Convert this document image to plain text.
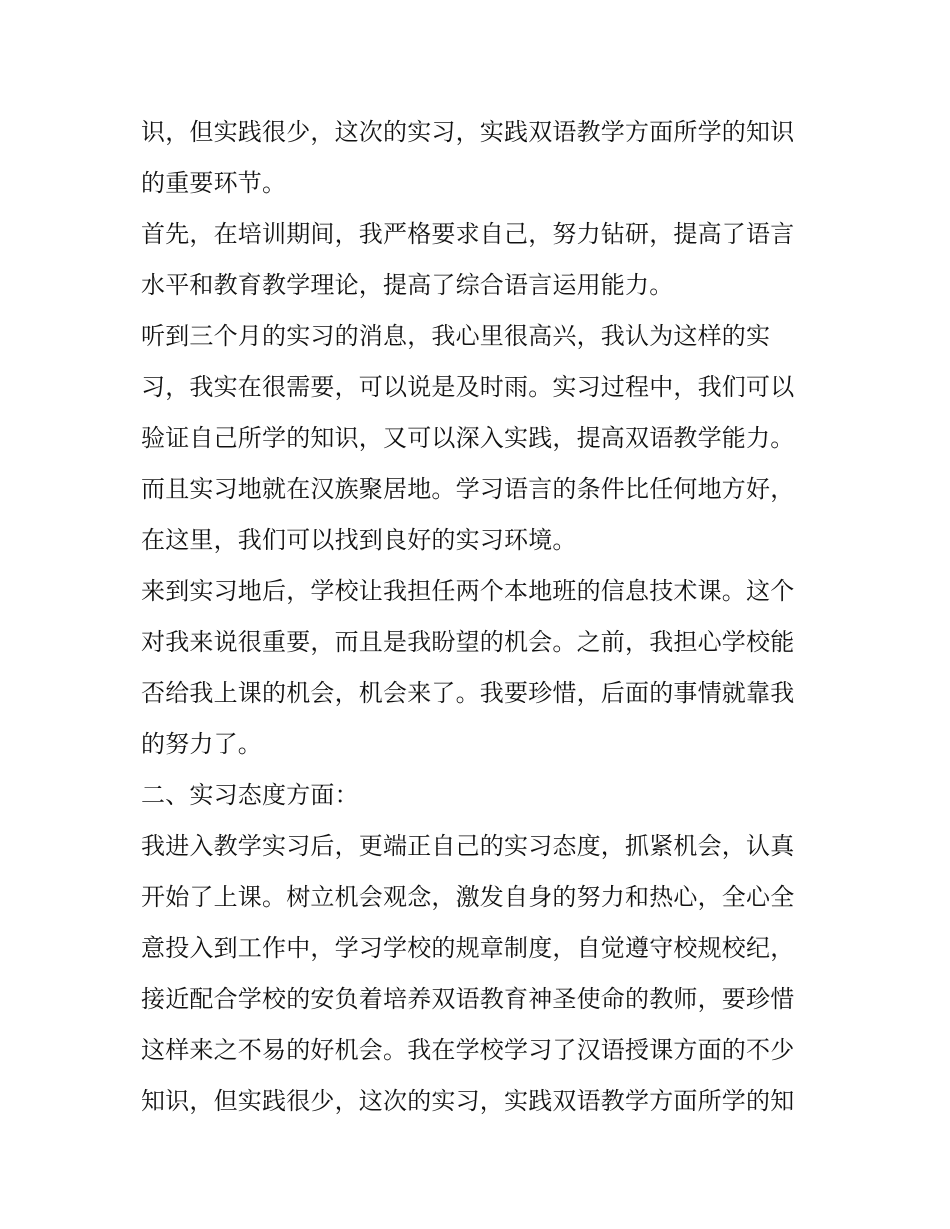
识，但实践很少，这次的实习，实践双语教学方面所学的知识
的重要环节。
首先，在培训期间，我严格要求自己，努力钻研，提高了语言
水平和教育教学理论，提高了综合语言运用能力。
听到三个月的实习的消息，我心里很高兴，我认为这样的实
习，我实在很需要，可以说是及时雨。实习过程中，我们可以
验证自己所学的知识，又可以深入实践，提高双语教学能力。
而且实习地就在汉族聚居地。学习语言的条件比任何地方好，
在这里，我们可以找到良好的实习环境。
来到实习地后，学校让我担任两个本地班的信息技术课。这个
对我来说很重要，而且是我盼望的机会。之前，我担心学校能
否给我上课的机会，机会来了。我要珍惜，后面的事情就靠我
的努力了。
二、实习态度方面：
我进入教学实习后，更端正自己的实习态度，抓紧机会，认真
开始了上课。树立机会观念，激发自身的努力和热心，全心全
意投入到工作中，学习学校的规章制度，自觉遵守校规校纪，
接近配合学校的安负着培养双语教育神圣使命的教师，要珍惜
这样来之不易的好机会。我在学校学习了汉语授课方面的不少
知识，但实践很少，这次的实习，实践双语教学方面所学的知
